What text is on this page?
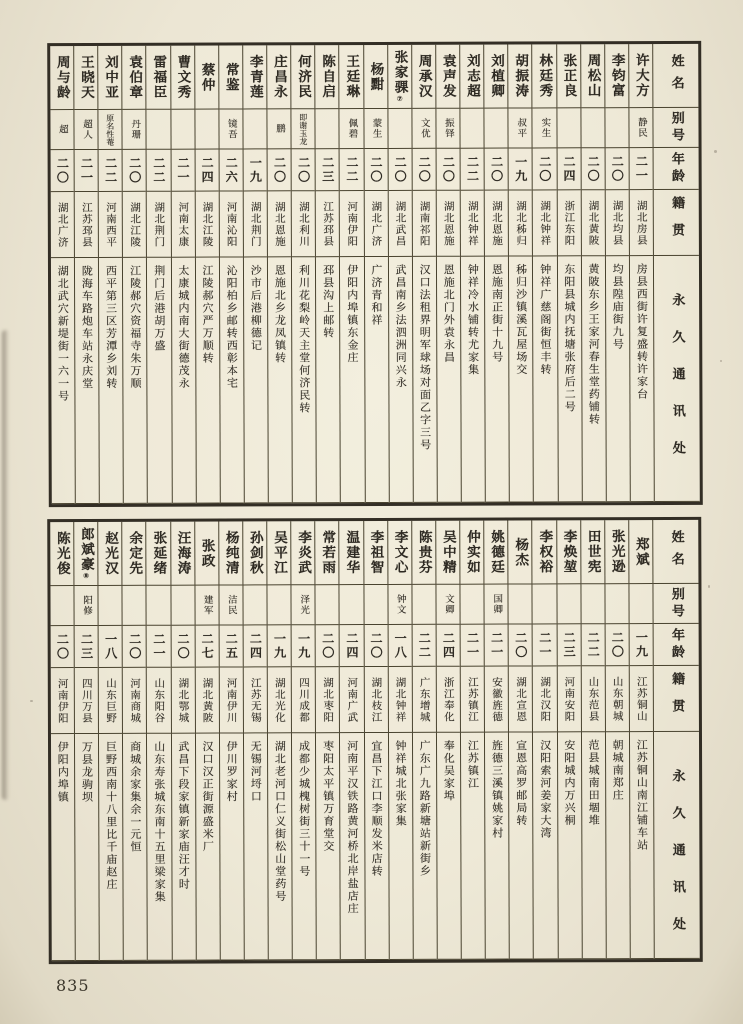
姓名
别号
年龄
籍贯
永久通讯处
许大方
静民
二一
湖北房县
房县西街许复盛转许家台
李钧富
二〇
湖北均县
均县隍庙街九号
周松山
二〇
湖北黄陂
黄陂东乡王家河春生堂药铺转
张正良
二四
浙江东阳
东阳县城内抚塘张府后二号
林廷秀
实生
二〇
湖北钟祥
钟祥广慈阁街恒丰转
胡振涛
叔平
一九
湖北秭归
秭归沙镇溪瓦屋场交
刘植卿
二〇
湖北恩施
恩施南正街十九号
刘志超
二二
湖北钟祥
钟祥冷水铺转尤家集
袁声发
振铎
二〇
湖北恩施
恩施北门外袁永昌
周承汉
文优
二〇
湖南祁阳
汉口法租界明军球场对面乙字三号
张家骒⑦
二〇
湖北武昌
武昌南乡法泗洲同兴永
杨黚
蒙生
二〇
湖北广济
广济青和祥
王廷琳
佩碧
二二
河南伊阳
伊阳内埠镇东金庄
陈自启
二三
江苏邳县
邳县沟上邮转
何济民
即谢玉龙
二〇
湖北利川
利川花梨岭天主堂何济民转
庄昌永
鹏
二〇
湖北恩施
恩施北乡龙凤镇转
李青莲
一九
湖北荆门
沙市后港柳德记
常鉴
镜吾
二六
河南沁阳
沁阳柏乡邮转西彰本宅
蔡仲
二四
湖北江陵
江陵郝穴严万顺转
曹文秀
二一
河南太康
太康城内南大街德茂永
雷福臣
二二
湖北荆门
荆门后港胡万盛
袁伯章
丹珊
二〇
湖北江陵
江陵郝穴资福寺朱万顺
刘中亚
原名性菴
二二
河南西平
西平第三区芳潭乡刘转
王晓天
超人
二一
江苏邳县
陇海车路炮车站永庆堂
周与龄
超
二〇
湖北广济
湖北武穴新堤街一六一号
姓名
别号
年龄
籍贯
永久通讯处
郑斌
一九
江苏铜山
江苏铜山南江铺车站
张光逊
二〇
山东朝城
朝城南郑庄
田世宪
二二
山东范县
范县城南田堌堆
李焕堃
二三
河南安阳
安阳城内万兴桐
李权裕
二一
湖北汉阳
汉阳索河姜家大湾
杨杰
二〇
湖北宣恩
宣恩高罗邮局转
姚德廷
国卿
二一
安徽旌德
旌德三溪镇姚家村
仲实如
二一
江苏镇江
江苏镇江
吴中精
文卿
二四
浙江奉化
奉化吴家埠
陈贵芬
二二
广东增城
广东广九路新塘站新街乡
李文心
钟文
一八
湖北钟祥
钟祥城北张家集
李祖智
二〇
湖北枝江
宜昌下江口李顺发米店转
温建华
二四
河南广武
河南平汉铁路黄河桥北岸盐店庄
常若雨
二〇
湖北枣阳
枣阳太平镇万育堂交
李炎武
泽光
一九
四川成都
成都少城槐树街三十一号
吴平江
一九
湖北光化
湖北老河口仁义街松山堂药号
孙剑秋
二四
江苏无锡
无锡河埒口
杨纯清
洁民
二五
河南伊川
伊川罗家村
张政
建军
二七
湖北黄陂
汉口汉正街源盛米厂
汪海涛
二〇
湖北鄂城
武昌下段家镇新家庙汪才时
张延绪
二一
山东阳谷
山东寿张城东南十五里梁家集
余定先
二〇
河南商城
商城余家集余一元恒
赵光汉
一八
山东巨野
巨野西南十八里比千庙赵庄
郎斌豪⑧
阳修
二三
四川万县
万县龙驹坝
陈光俊
二〇
河南伊阳
伊阳内埠镇
835
